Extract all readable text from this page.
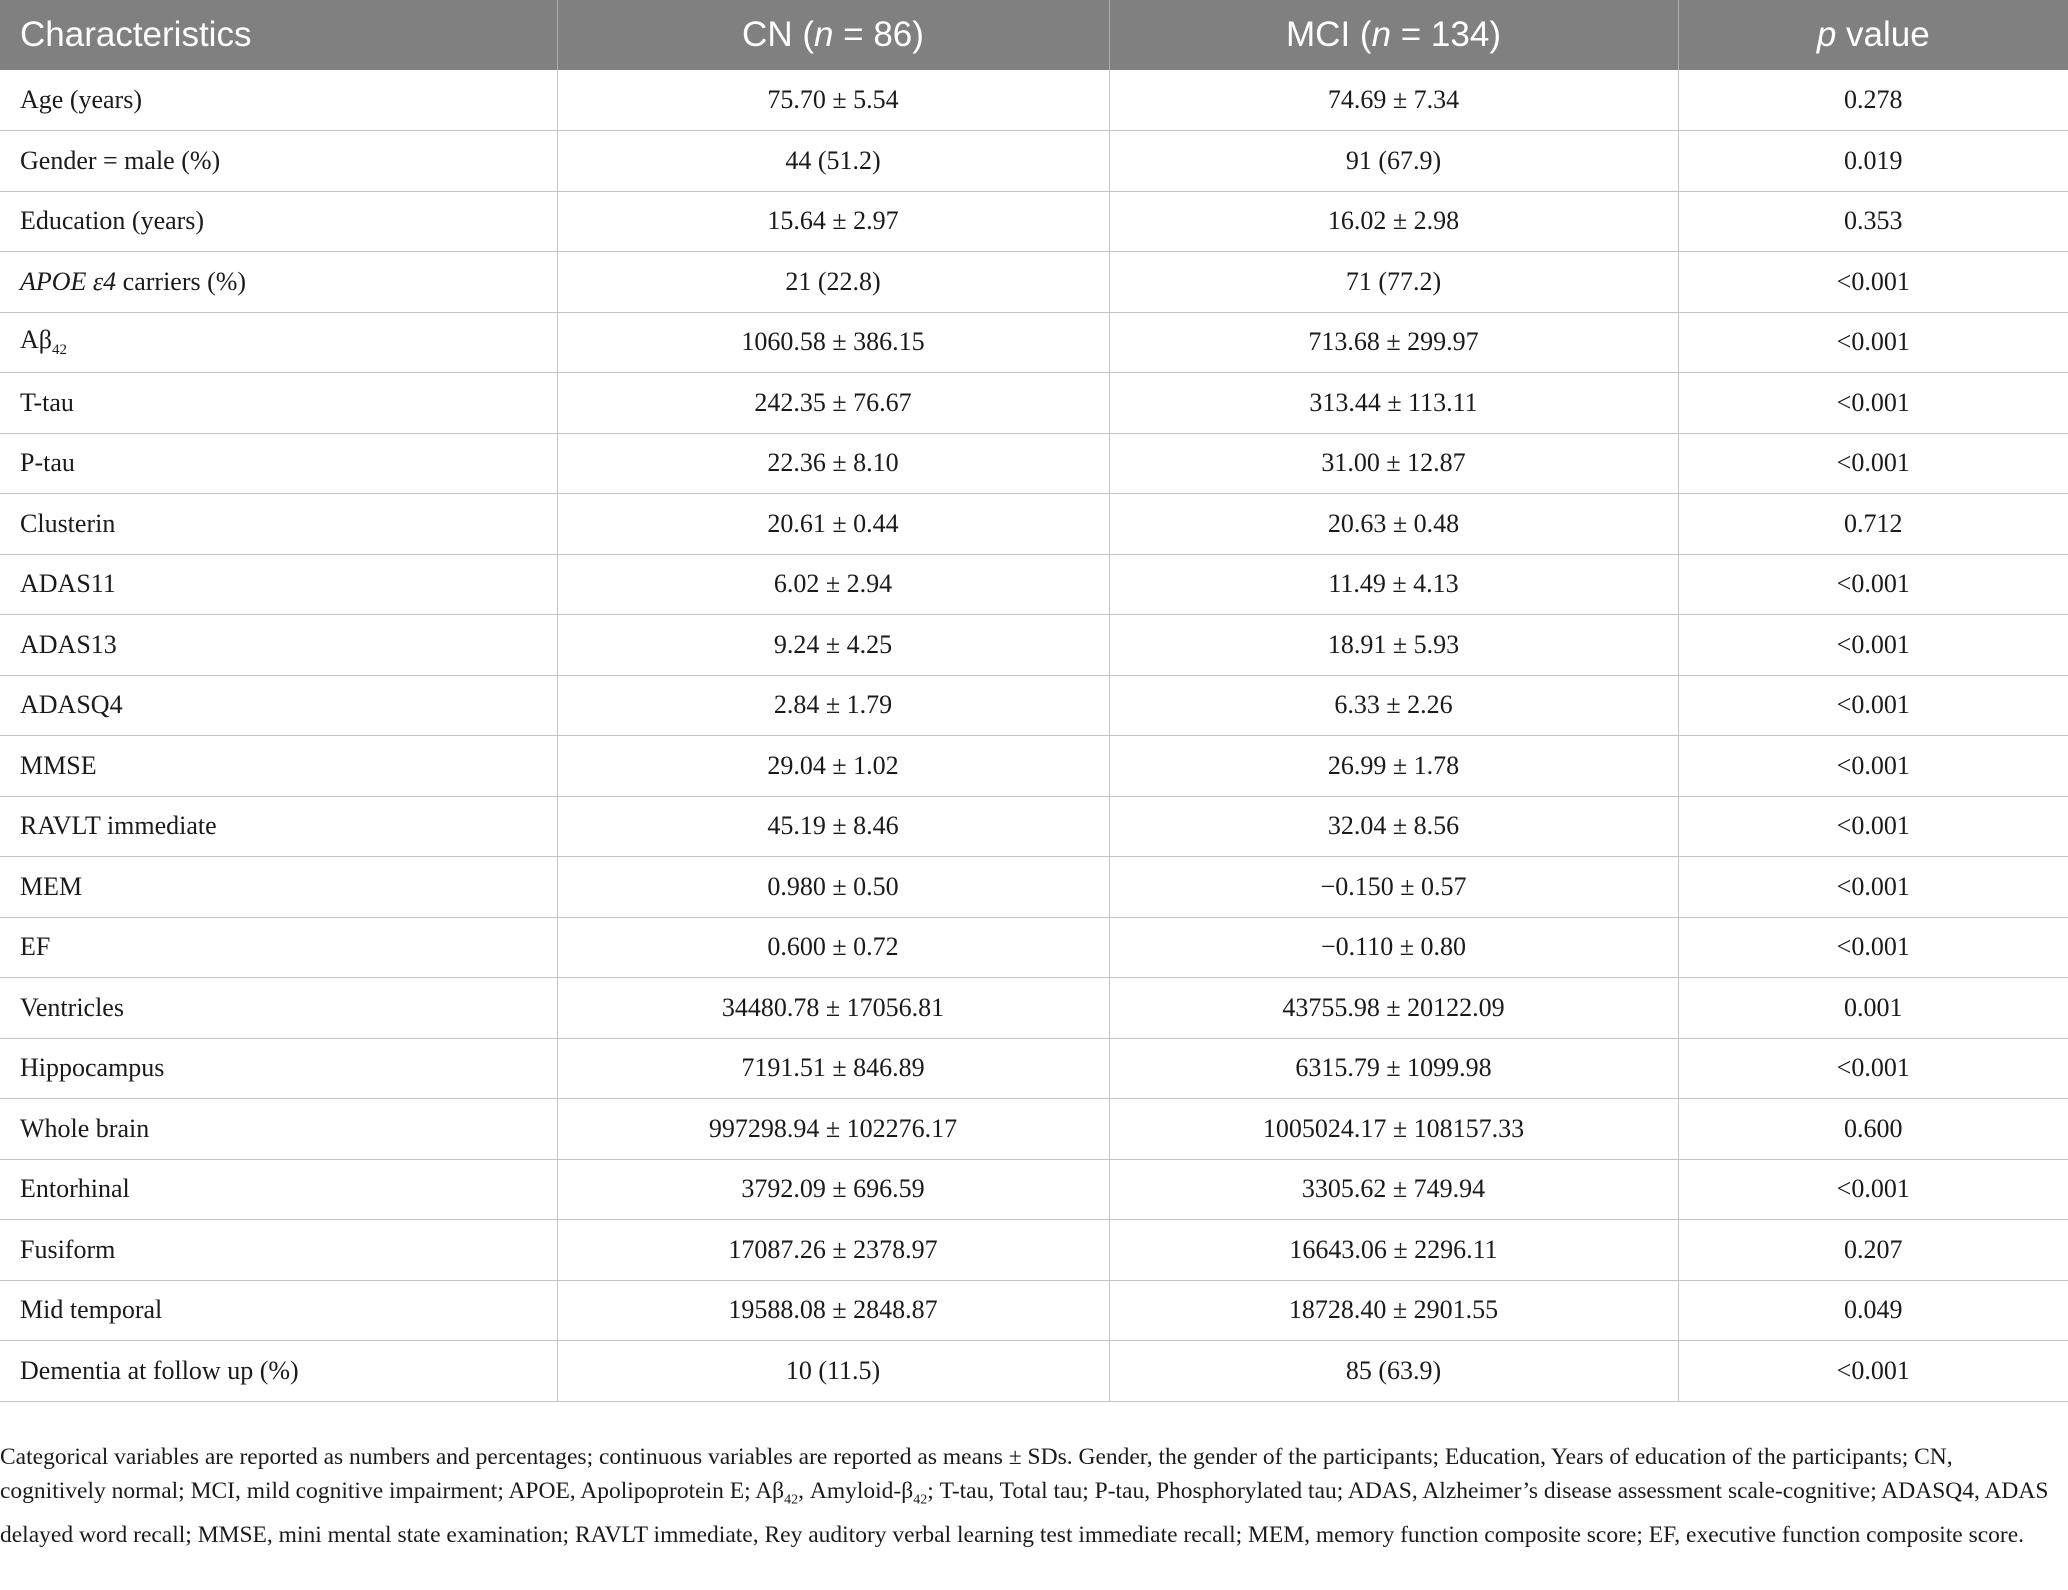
Characteristics	CN (n = 86)	MCI (n = 134)	p value
Age (years)	75.70 ± 5.54	74.69 ± 7.34	0.278
Gender = male (%)	44 (51.2)	91 (67.9)	0.019
Education (years)	15.64 ± 2.97	16.02 ± 2.98	0.353
APOE ε4 carriers (%)	21 (22.8)	71 (77.2)	<0.001
$A\beta_{42}$	1060.58 ± 386.15	713.68 ± 299.97	<0.001
T-tau	242.35 ± 76.67	313.44 ± 113.11	<0.001
P-tau	22.36 ± 8.10	31.00 ± 12.87	<0.001
Clusterin	20.61 ± 0.44	20.63 ± 0.48	0.712
ADAS11	6.02 ± 2.94	11.49 ± 4.13	<0.001
ADAS13	9.24 ± 4.25	18.91 ± 5.93	<0.001
ADASQ4	2.84 ± 1.79	6.33 ± 2.26	<0.001
MMSE	29.04 ± 1.02	26.99 ± 1.78	<0.001
RAVLT immediate	45.19 ± 8.46	32.04 ± 8.56	<0.001
MEM	0.980 ± 0.50	−0.150 ± 0.57	<0.001
EF	0.600 ± 0.72	−0.110 ± 0.80	<0.001
Ventricles	34480.78 ± 17056.81	43755.98 ± 20122.09	0.001
Hippocampus	7191.51 ± 846.89	6315.79 ± 1099.98	<0.001
Whole brain	997298.94 ± 102276.17	1005024.17 ± 108157.33	0.600
Entorhinal	3792.09 ± 696.59	3305.62 ± 749.94	<0.001
Fusiform	17087.26 ± 2378.97	16643.06 ± 2296.11	0.207
Mid temporal	19588.08 ± 2848.87	18728.40 ± 2901.55	0.049
Dementia at follow up (%)	10 (11.5)	85 (63.9)	<0.001
Categorical variables are reported as numbers and percentages; continuous variables are reported as means ± SDs. Gender, the gender of the participants; Education, Years of education of the participants; CN, cognitively normal; MCI, mild cognitive impairment; APOE, Apolipoprotein E; $A\beta_{42}$, Amyloid-$\beta_{42}$; T-tau, Total tau; P-tau, Phosphorylated tau; ADAS, Alzheimer’s disease assessment scale-cognitive; ADASQ4, ADAS delayed word recall; MMSE, mini mental state examination; RAVLT immediate, Rey auditory verbal learning test immediate recall; MEM, memory function composite score; EF, executive function composite score.
